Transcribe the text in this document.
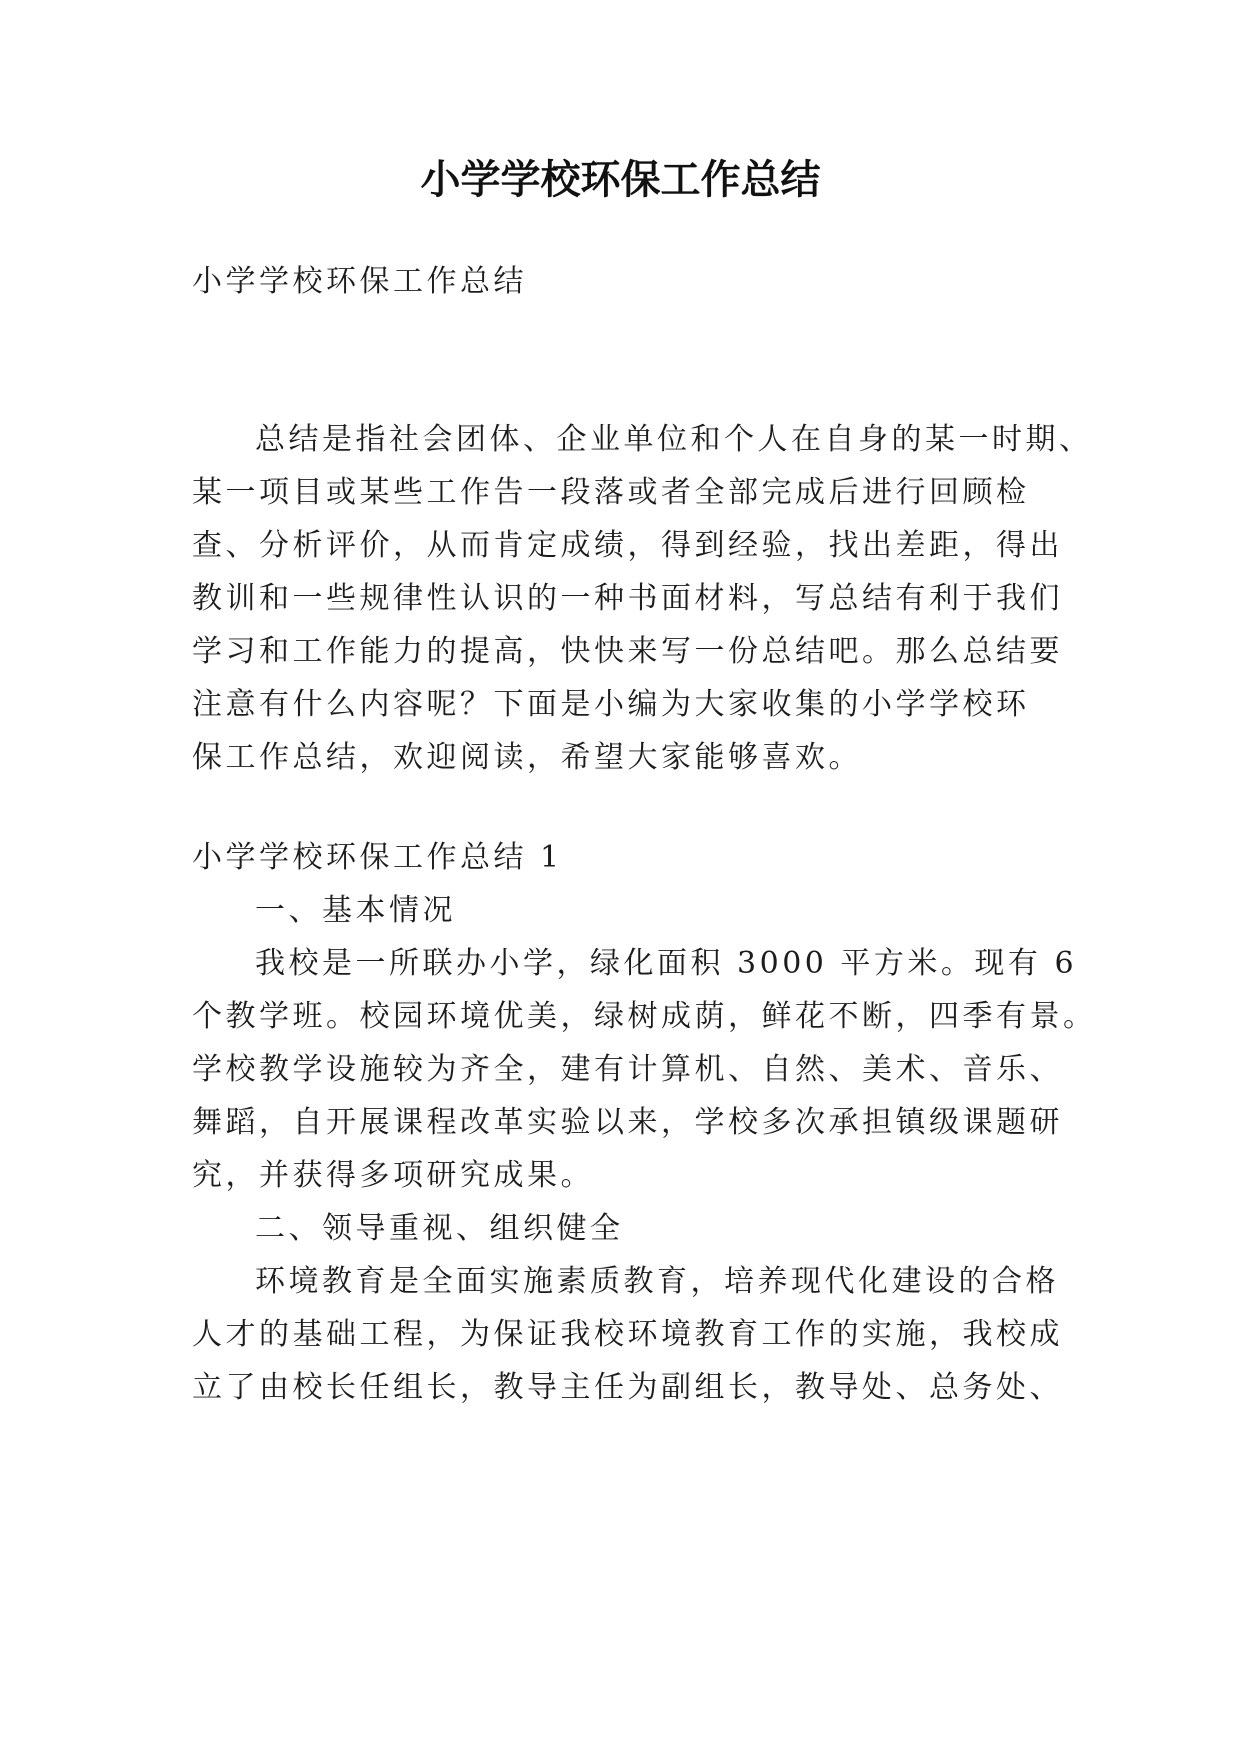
小学学校环保工作总结
小学学校环保工作总结
总结是指社会团体、企业单位和个人在自身的某一时期、
某一项目或某些工作告一段落或者全部完成后进行回顾检
查、分析评价，从而肯定成绩，得到经验，找出差距，得出
教训和一些规律性认识的一种书面材料，写总结有利于我们
学习和工作能力的提高，快快来写一份总结吧。那么总结要
注意有什么内容呢？下面是小编为大家收集的小学学校环
保工作总结，欢迎阅读，希望大家能够喜欢。
小学学校环保工作总结 1
一、基本情况
我校是一所联办小学，绿化面积 3000 平方米。现有 6
个教学班。校园环境优美，绿树成荫，鲜花不断，四季有景。
学校教学设施较为齐全，建有计算机、自然、美术、音乐、
舞蹈，自开展课程改革实验以来，学校多次承担镇级课题研
究，并获得多项研究成果。
二、领导重视、组织健全
环境教育是全面实施素质教育，培养现代化建设的合格
人才的基础工程，为保证我校环境教育工作的实施，我校成
立了由校长任组长，教导主任为副组长，教导处、总务处、
